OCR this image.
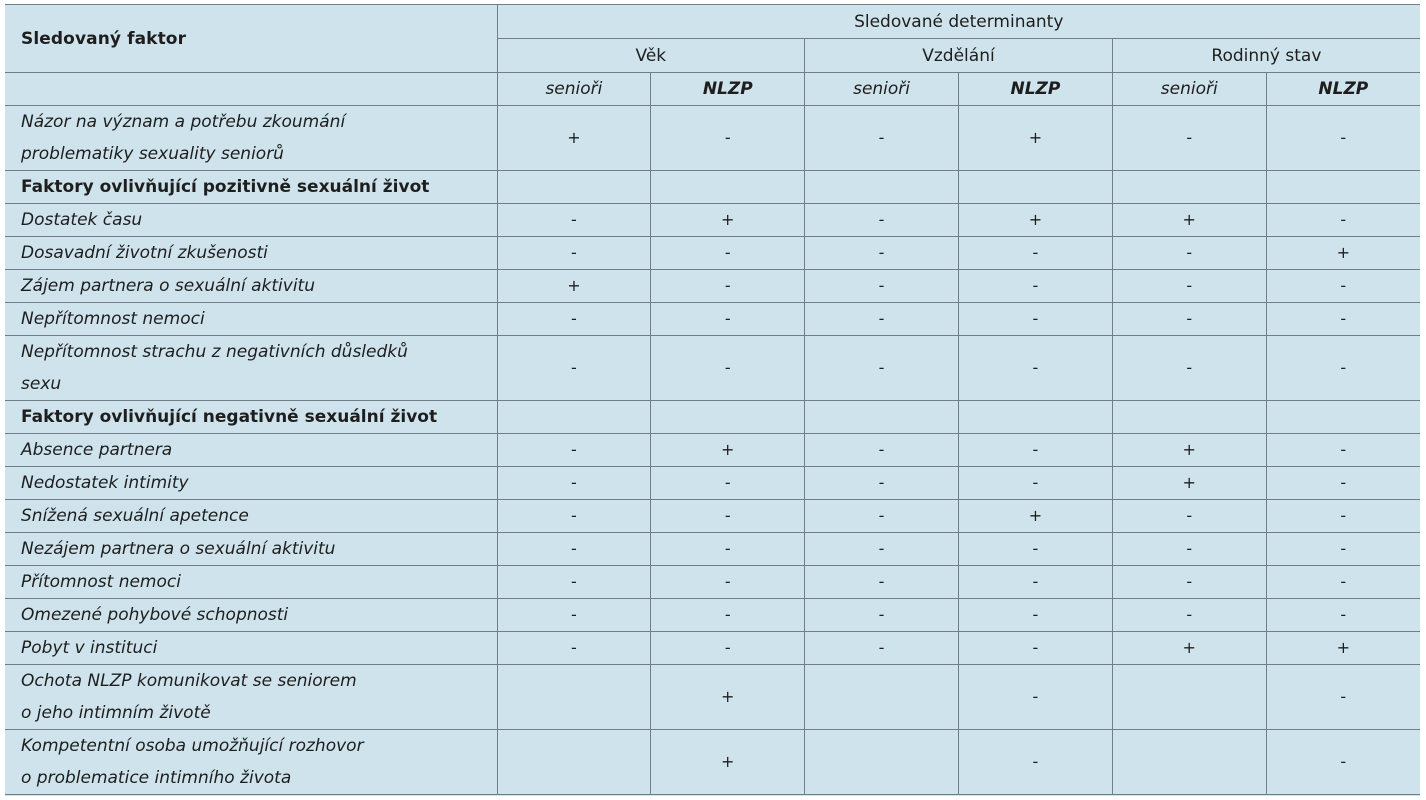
Sledovaný faktor	Sledované determinanty					
	Věk		Vzdělání		Rodinný stav	
	senioři	NLZP	senioři	NLZP	senioři	NLZP

Názor na význam a potřebu zkoumání
problematiky sexuality seniorů	+	-	-	+	-	-

Faktory ovlivňující pozitivně sexuální život						

Dostatek času	-	+	-	+	+	-

Dosavadní životní zkušenosti	-	-	-	-	-	+

Zájem partnera o sexuální aktivitu	+	-	-	-	-	-

Nepřítomnost nemoci	-	-	-	-	-	-

Nepřítomnost strachu z negativních důsledků
sexu	-	-	-	-	-	-

Faktory ovlivňující negativně sexuální život						

Absence partnera	-	+	-	-	+	-

Nedostatek intimity	-	-	-	-	+	-

Snížená sexuální apetence	-	-	-	+	-	-

Nezájem partnera o sexuální aktivitu	-	-	-	-	-	-

Přítomnost nemoci	-	-	-	-	-	-

Omezené pohybové schopnosti	-	-	-	-	-	-

Pobyt v instituci	-	-	-	-	+	+

Ochota NLZP komunikovat se seniorem
o jeho intimním životě		+		-		-

Kompetentní osoba umožňující rozhovor
o problematice intimního života		+		-		-
